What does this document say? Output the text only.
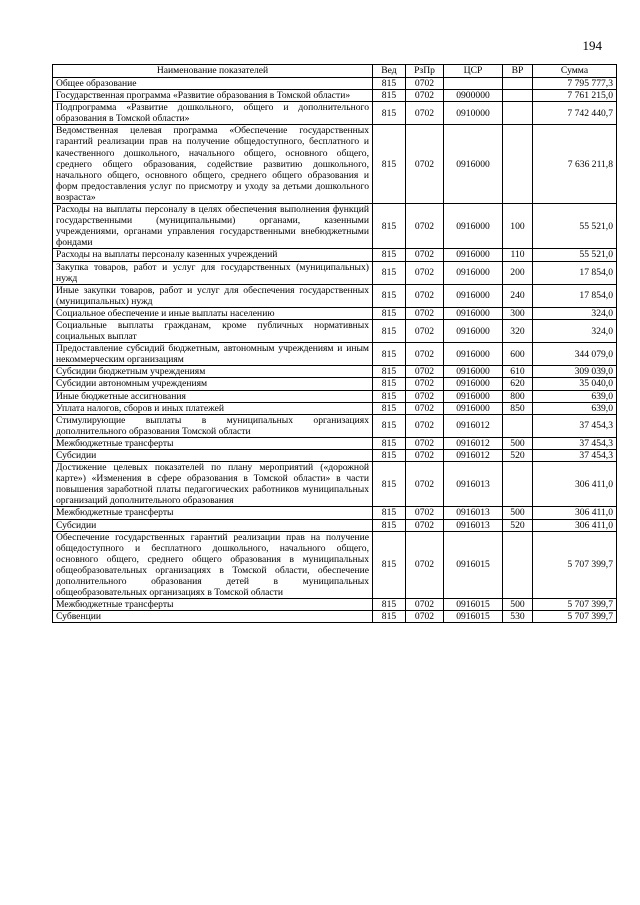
194
Наименование показателей	Вед	РзПр	ЦСР	ВР	Сумма
Общее образование	815	0702			7 795 777,3
Государственная программа «Развитие образования в Томской области»	815	0702	0900000		7 761 215,0
Подпрограмма «Развитие дошкольного, общего и дополнительного образования в Томской области»	815	0702	0910000		7 742 440,7
Ведомственная целевая программа «Обеспечение государственных гарантий реализации прав на получение общедоступного, бесплатного и качественного дошкольного, начального общего, основного общего, среднего общего образования, содействие развитию дошкольного, начального общего, основного общего, среднего общего образования и форм предоставления услуг по присмотру и уходу за детьми дошкольного возраста»	815	0702	0916000		7 636 211,8
Расходы на выплаты персоналу в целях обеспечения выполнения функций государственными (муниципальными) органами, казенными учреждениями, органами управления государственными внебюджетными фондами	815	0702	0916000	100	55 521,0
Расходы на выплаты персоналу казенных учреждений	815	0702	0916000	110	55 521,0
Закупка товаров, работ и услуг для государственных (муниципальных) нужд	815	0702	0916000	200	17 854,0
Иные закупки товаров, работ и услуг для обеспечения государственных (муниципальных) нужд	815	0702	0916000	240	17 854,0
Социальное обеспечение и иные выплаты населению	815	0702	0916000	300	324,0
Социальные выплаты гражданам, кроме публичных нормативных социальных выплат	815	0702	0916000	320	324,0
Предоставление субсидий бюджетным, автономным учреждениям и иным некоммерческим организациям	815	0702	0916000	600	344 079,0
Субсидии бюджетным учреждениям	815	0702	0916000	610	309 039,0
Субсидии автономным учреждениям	815	0702	0916000	620	35 040,0
Иные бюджетные ассигнования	815	0702	0916000	800	639,0
Уплата налогов, сборов и иных платежей	815	0702	0916000	850	639,0
Стимулирующие выплаты в муниципальных организациях дополнительного образования Томской области	815	0702	0916012		37 454,3
Межбюджетные трансферты	815	0702	0916012	500	37 454,3
Субсидии	815	0702	0916012	520	37 454,3
Достижение целевых показателей по плану мероприятий («дорожной карте») «Изменения в сфере образования в Томской области» в части повышения заработной платы педагогических работников муниципальных организаций дополнительного образования	815	0702	0916013		306 411,0
Межбюджетные трансферты	815	0702	0916013	500	306 411,0
Субсидии	815	0702	0916013	520	306 411,0
Обеспечение государственных гарантий реализации прав на получение общедоступного и бесплатного дошкольного, начального общего, основного общего, среднего общего образования в муниципальных общеобразовательных организациях в Томской области, обеспечение дополнительного образования детей в муниципальных общеобразовательных организациях в Томской области	815	0702	0916015		5 707 399,7
Межбюджетные трансферты	815	0702	0916015	500	5 707 399,7
Субвенции	815	0702	0916015	530	5 707 399,7
